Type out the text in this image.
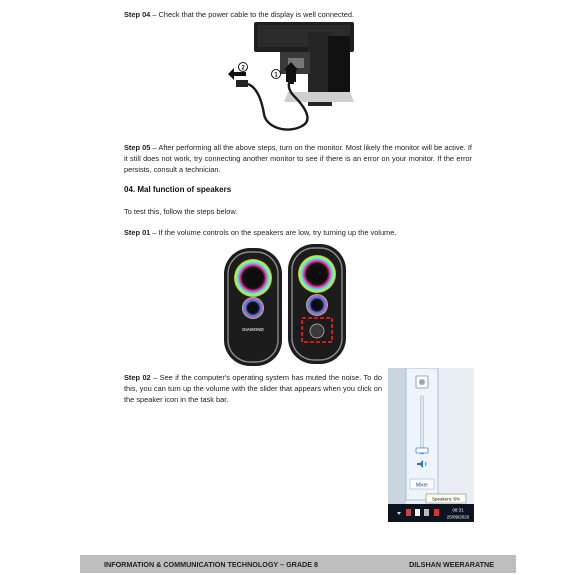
Step 04 – Check that the power cable to the display is well connected.
2
1
Step 05 – After performing all the above steps, turn on the monitor. Most likely the monitor will be active. If it still does not work, try connecting another monitor to see if there is an error on your monitor. If the error persists, consult a technician.
04. Mal function of speakers
To test this, follow the steps below.
Step 01 – If the volume controls on the speakers are low, try turning up the volume.
DIAMOND
Step 02 – See if the computer's operating system has muted the noise. To do this, you can turn up the volume with the slider that appears when you click on the speaker icon in the task bar.
Mixer
Speakers: 6%
08:31
25/09/2020
INFORMATION & COMMUNICATION TECHNOLOGY – GRADE 8	DILSHAN WEERARATNE
